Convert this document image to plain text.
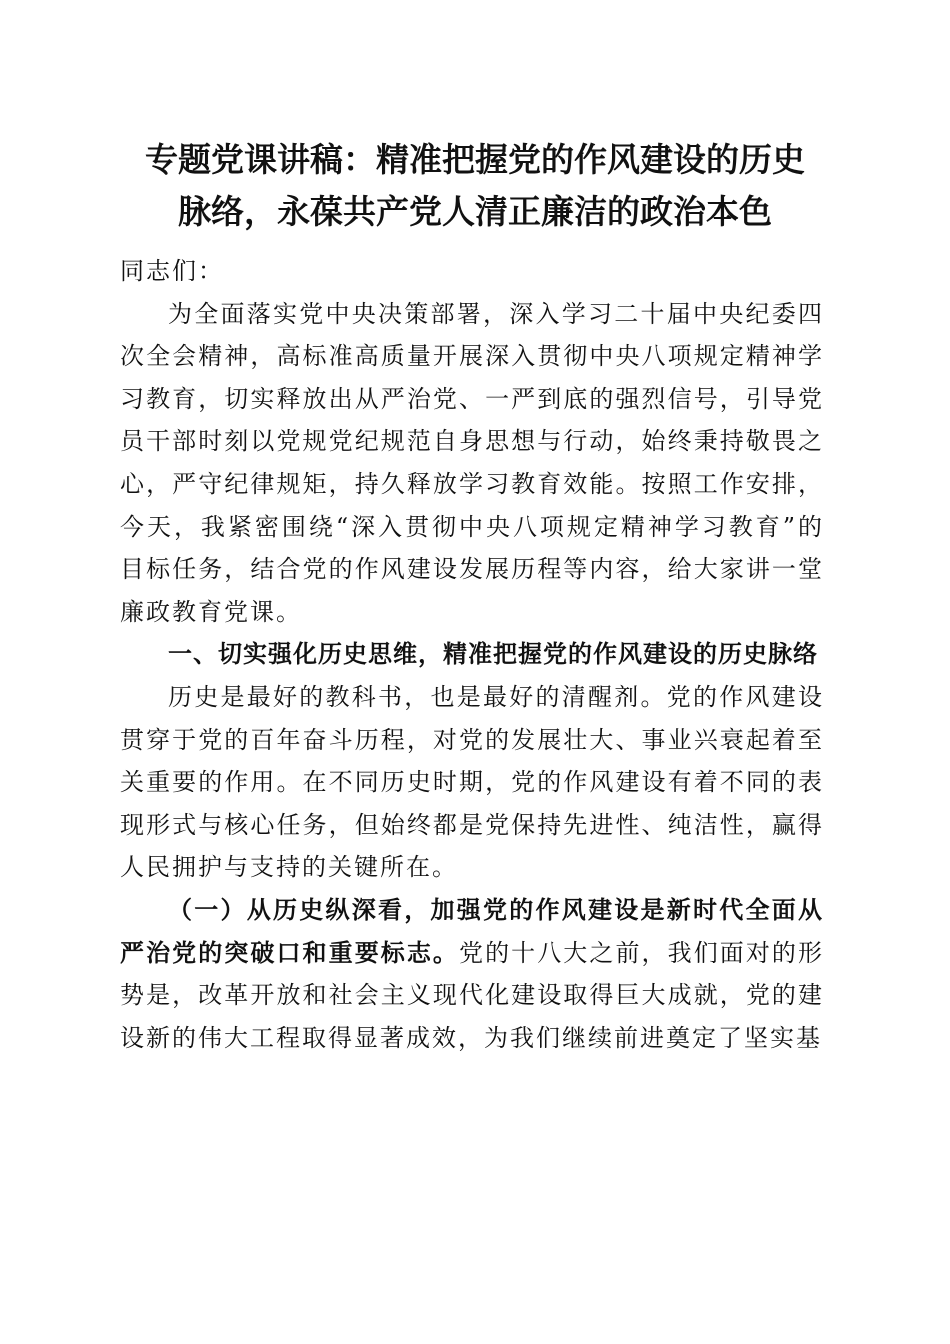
专题党课讲稿：精准把握党的作风建设的历史
脉络，永葆共产党人清正廉洁的政治本色

同志们：

为全面落实党中央决策部署，深入学习二十届中央纪委四次全会精神，高标准高质量开展深入贯彻中央八项规定精神学习教育，切实释放出从严治党、一严到底的强烈信号，引导党员干部时刻以党规党纪规范自身思想与行动，始终秉持敬畏之心，严守纪律规矩，持久释放学习教育效能。按照工作安排，今天，我紧密围绕“深入贯彻中央八项规定精神学习教育”的目标任务，结合党的作风建设发展历程等内容，给大家讲一堂廉政教育党课。

一、切实强化历史思维，精准把握党的作风建设的历史脉络

历史是最好的教科书，也是最好的清醒剂。党的作风建设贯穿于党的百年奋斗历程，对党的发展壮大、事业兴衰起着至关重要的作用。在不同历史时期，党的作风建设有着不同的表现形式与核心任务，但始终都是党保持先进性、纯洁性，赢得人民拥护与支持的关键所在。

（一）从历史纵深看，加强党的作风建设是新时代全面从严治党的突破口和重要标志。党的十八大之前，我们面对的形势是，改革开放和社会主义现代化建设取得巨大成就，党的建设新的伟大工程取得显著成效，为我们继续前进奠定了坚实基
